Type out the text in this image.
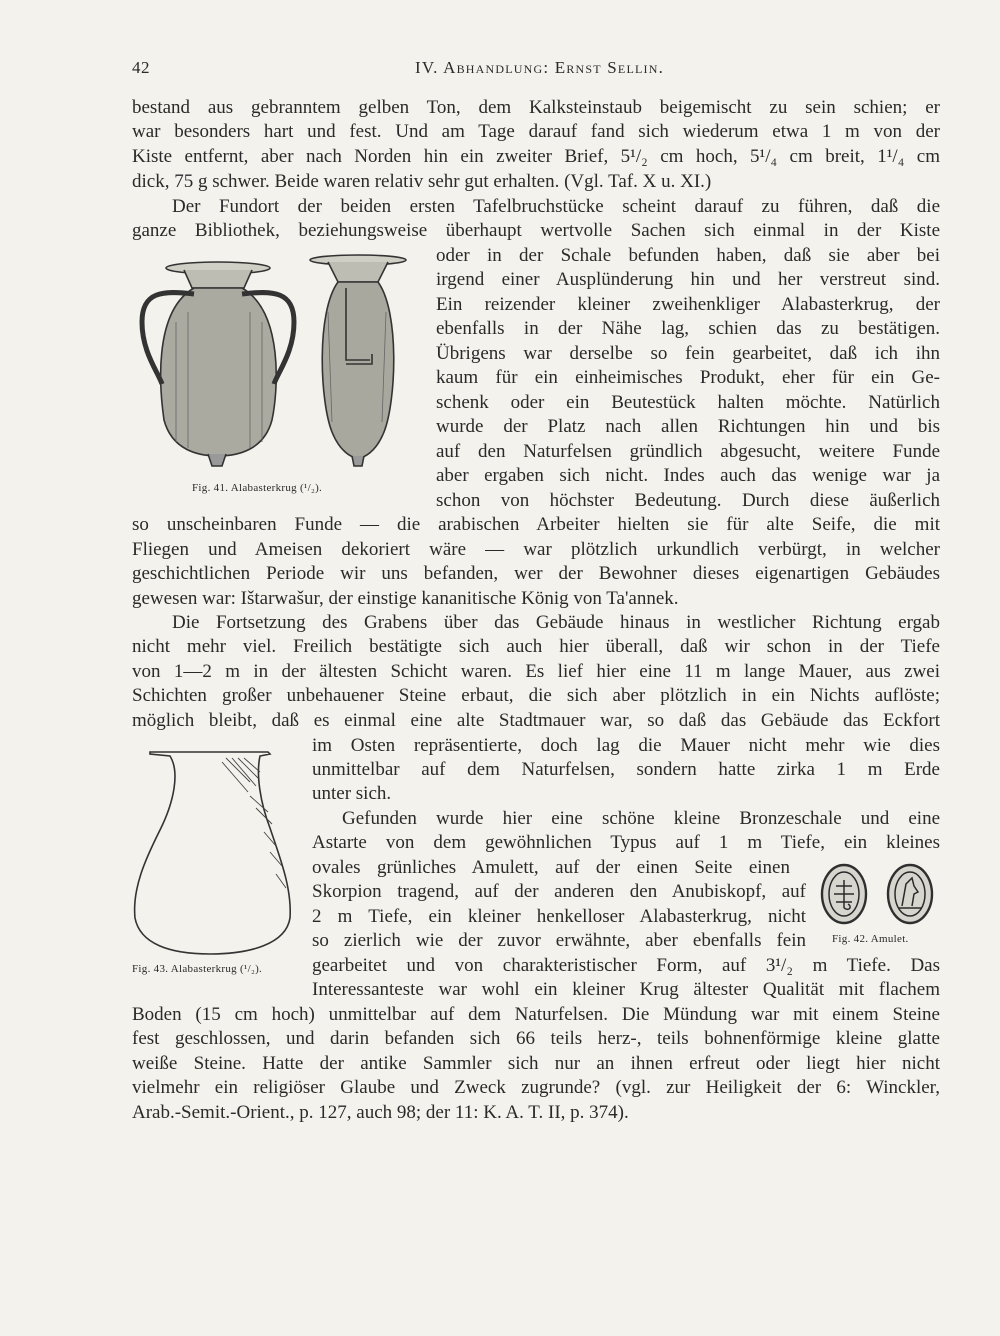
42	IV. Abhandlung: Ernst Sellin.
bestand aus gebranntem gelben Ton, dem Kalksteinstaub beigemischt zu sein schien; er
war besonders hart und fest. Und am Tage darauf fand sich wiederum etwa 1 m von der
Kiste entfernt, aber nach Norden hin ein zweiter Brief, 5¹/₂ cm hoch, 5¹/₄ cm breit, 1¹/₄ cm
dick, 75 g schwer. Beide waren relativ sehr gut erhalten. (Vgl. Taf. X u. XI.)
Der Fundort der beiden ersten Tafelbruchstücke scheint darauf zu führen, daß die
ganze Bibliothek, beziehungsweise überhaupt wertvolle Sachen sich einmal in der Kiste
oder in der Schale befunden haben, daß sie aber bei
irgend einer Ausplünderung hin und her verstreut sind.
Ein reizender kleiner zweihenkliger Alabasterkrug, der
ebenfalls in der Nähe lag, schien das zu bestätigen.
Übrigens war derselbe so fein gearbeitet, daß ich ihn
kaum für ein einheimisches Produkt, eher für ein Ge-
schenk oder ein Beutestück halten möchte. Natürlich
wurde der Platz nach allen Richtungen hin und bis
auf den Naturfelsen gründlich abgesucht, weitere Funde
aber ergaben sich nicht. Indes auch das wenige war ja
schon von höchster Bedeutung. Durch diese äußerlich
so unscheinbaren Funde — die arabischen Arbeiter hielten sie für alte Seife, die mit
Fliegen und Ameisen dekoriert wäre — war plötzlich urkundlich verbürgt, in welcher
geschichtlichen Periode wir uns befanden, wer der Bewohner dieses eigenartigen Gebäudes
gewesen war: Ištarwašur, der einstige kananitische König von Ta'annek.
Die Fortsetzung des Grabens über das Gebäude hinaus in westlicher Richtung ergab
nicht mehr viel. Freilich bestätigte sich auch hier überall, daß wir schon in der Tiefe
von 1—2 m in der ältesten Schicht waren. Es lief hier eine 11 m lange Mauer, aus zwei
Schichten großer unbehauener Steine erbaut, die sich aber plötzlich in ein Nichts auflöste;
möglich bleibt, daß es einmal eine alte Stadtmauer war, so daß das Gebäude das Eckfort
im Osten repräsentierte, doch lag die Mauer nicht mehr wie dies
unmittelbar auf dem Naturfelsen, sondern hatte zirka 1 m Erde
unter sich.
Gefunden wurde hier eine schöne kleine Bronzeschale und eine
Astarte von dem gewöhnlichen Typus auf 1 m Tiefe, ein kleines
ovales grünliches Amulett, auf der einen Seite einen
Skorpion tragend, auf der anderen den Anubiskopf, auf
2 m Tiefe, ein kleiner henkelloser Alabasterkrug, nicht
so zierlich wie der zuvor erwähnte, aber ebenfalls fein
gearbeitet und von charakteristischer Form, auf 3¹/₂ m Tiefe. Das
Interessanteste war wohl ein kleiner Krug ältester Qualität mit flachem
Boden (15 cm hoch) unmittelbar auf dem Naturfelsen. Die Mündung war mit einem Steine
fest geschlossen, und darin befanden sich 66 teils herz-, teils bohnenförmige kleine glatte
weiße Steine. Hatte der antike Sammler sich nur an ihnen erfreut oder liegt hier nicht
vielmehr ein religiöser Glaube und Zweck zugrunde? (vgl. zur Heiligkeit der 6: Winckler,
Arab.-Semit.-Orient., p. 127, auch 98; der 11: K. A. T. II, p. 374).
Fig. 41. Alabasterkrug (¹/₂).
Fig. 42. Amulet.
Fig. 43. Alabasterkrug (¹/₂).
